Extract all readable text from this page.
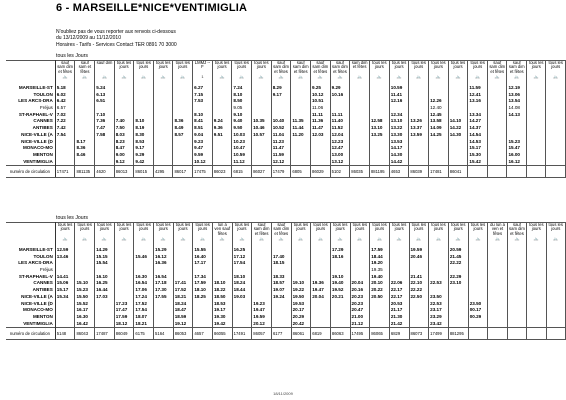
6 - MARSEILLE*NICE*VENTIMIGLIA
N'oubliez pas de vous reporter aux renvois ci-dessous
du 13/12/2009 au 11/12/2010
Horaires - Tarifs - Services Contact TER 0891 70 3000
tous les Jours
	sauf sam dim et fêtes	sauf sam et fêtes	sauf dim	tous les jours	tous les jours	tous les jours	tous les jours	LMMJ --F	tous les jours	tous les jours	tous les jours	sauf sam dim et fêtes	sauf sam dim et fêtes	sauf sam dim et fêtes	sauf sam dim et fêtes	sam dim et fêtes	tous les jours	tous les jours	tous les jours	tous les jours	tous les jours	tous les jours	sauf sam dim et fêtes	sauf sam dim et fêtes	tous les jours	tous les jours
	🚲	🚲	🚲	🚲	🚲	🚲	🚲	1	🚲	🚲	🚲	🚲	🚲	🚲	🚲	🚲	🚲	🚲	🚲	🚲	🚲	🚲	🚲	🚲	🚲	🚲

MARSEILLE-ST	5.18		5.24					6.27		7.24		8.29		9.25	9.29			10.59				11.59		12.19		
TOULON	6.02		6.13					7.15		8.10		9.17		10.12	10.16			11.41				12.41		13.06		
LES ARCS-DRA	6.42		6.51					7.53		8.50				10.51				12.16		12.26		13.16		13.54		
Fréjus	6.57									9.05				11.06						12.40				14.08		
ST-RAPHAEL-V	7.02		7.10					8.10		9.10				11.11	11.11			12.34		12.45		13.34		14.13		
CANNES	7.22		7.36	7.40	8.10		8.36	8.41	9.24	9.40	10.35	10.40	11.35	11.36	11.40		12.58	13.10	13.26	13.58	14.10	14.27				
ANTIBES	7.42		7.47	7.50	8.19		8.49	8.51	9.36	9.50	10.46	10.52	11.44	11.47	11.52		13.10	13.22	13.37	14.09	14.22	14.37				
NICE-VILLE (A	7.54		7.58	8.03	8.30		8.57	9.04	9.51	10.03	10.57	11.04	11.20	12.03	12.04		13.25	13.30	13.59	14.25	14.30	14.54				
NICE-VILLE (D		8.17		8.23	8.53			9.23		10.23		11.23			12.23			13.53				14.53		15.23		
MONACO-MO		8.36		8.47	9.17			9.47		10.47		11.47			12.47			14.17				15.17		15.47		
MENTON		8.46		9.00	9.29			9.59		10.59		11.59			13.00			14.30				15.30		16.00		
VENTIMIGLIA				9.12	9.42			10.12		11.12		12.12			13.12			14.42				15.42		16.12		
numéro de circulation	17471	881135	4620	86013	86015	4295	86017	17475	86023	6815	86027	17479	6805	86029	5102	86035	881195	4653	86039	17481	86041					
tous les Jours
	tous les jours	tous les jours	tous les jours	tous les jours	tous les jours	tous les jours	tous les jours	tous les jours	lun à ven sauf fêtes	tous les jours	sauf sam dim et fêtes	sauf sam dim et fêtes	tous les jours	tous les jours	tous les jours	tous les jours	tous les jours	tous les jours	tous les jours	tous les jours	tous les jours	tous les jours	du lun à ven et fêtes	sauf sam dim et fêtes	tous les jours	tous les jours
	🚲	🚲	🚲	🚲	🚲	🚲	🚲	🚲	🚲	🚲	🚲	🚲	🚲	🚲	🚲	🚲	🚲	🚲	🚲	🚲	🚲	🚲	🚲	🚲	🚲	🚲

MARSEILLE-ST	12.59		14.29			15.29		15.55		16.25					17.29		17.59		19.59		20.59					
TOULON	13.46		15.15		15.46	16.12		16.40		17.12		17.40			18.16		18.44		20.46		21.45					
LES ARCS-DRA			15.54			16.36		17.17		17.54		18.15					19.20				22.22					
Fréjus																	19.35									
ST-RAPHAEL-V	14.41		16.10		16.30	16.54		17.34		18.10		18.33			19.10		19.40		21.41		22.29					
CANNES	15.06	15.10	16.25		16.54	17.18	17.41	17.59	18.10	18.24		18.57	19.10	19.36	19.40	20.04	20.10	22.06	22.10	22.53	23.10					
ANTIBES	15.17	15.23	16.44		17.06	17.30	17.52	18.10	18.22	18.44		19.07	19.22	19.47	19.52	20.16	20.22	22.17	22.22							
NICE-VILLE (A	15.34	15.50	17.03		17.24	17.55	18.21	18.25	18.50	19.03		19.24	19.50	20.04	20.21	20.23	20.50	22.17	22.50	23.50						
NICE-VILLE (D		15.52		17.23	17.52		18.24		18.53		19.23		19.53			20.23		20.53		22.53		23.50				
MONACO-MO		16.17		17.47	17.54		18.47		19.17		19.47		20.17			20.47		21.17		23.17		00.17				
MENTON		16.30		17.59	18.07		18.59		19.30		19.59		20.29			21.00		21.30		23.29		00.29				
VENTIMIGLIA		16.42		18.12	18.21		19.12		19.42		20.12		20.42			21.12		21.42		23.42						
numéro de circulation	5148	86043	17487	86049	6175	5164	86053	4657	86055	17491	86057	6177	86061	6819	86063	17495	86065	6829	86073	17499	881295					
18/11/2009
